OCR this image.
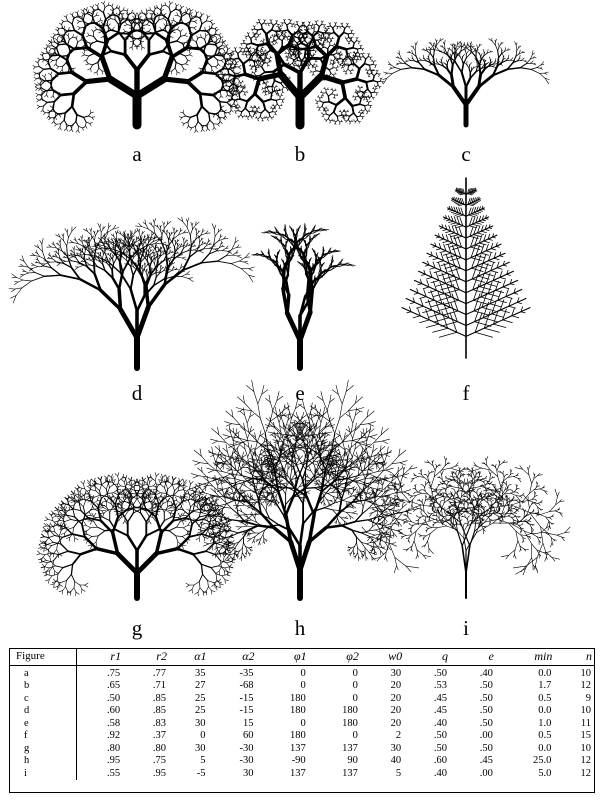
a	b	c
d	e	f
g	h	i
Figure	r1	r2	α1	α2	φ1	φ2	w0	q	e	min	n
a	.75	.77	35	-35	0	0	30	.50	.40	0.0	10
b	.65	.71	27	-68	0	0	20	.53	.50	1.7	12
c	.50	.85	25	-15	180	0	20	.45	.50	0.5	9
d	.60	.85	25	-15	180	180	20	.45	.50	0.0	10
e	.58	.83	30	15	0	180	20	.40	.50	1.0	11
f	.92	.37	0	60	180	0	2	.50	.00	0.5	15
g	.80	.80	30	-30	137	137	30	.50	.50	0.0	10
h	.95	.75	5	-30	-90	90	40	.60	.45	25.0	12
i	.55	.95	-5	30	137	137	5	.40	.00	5.0	12
